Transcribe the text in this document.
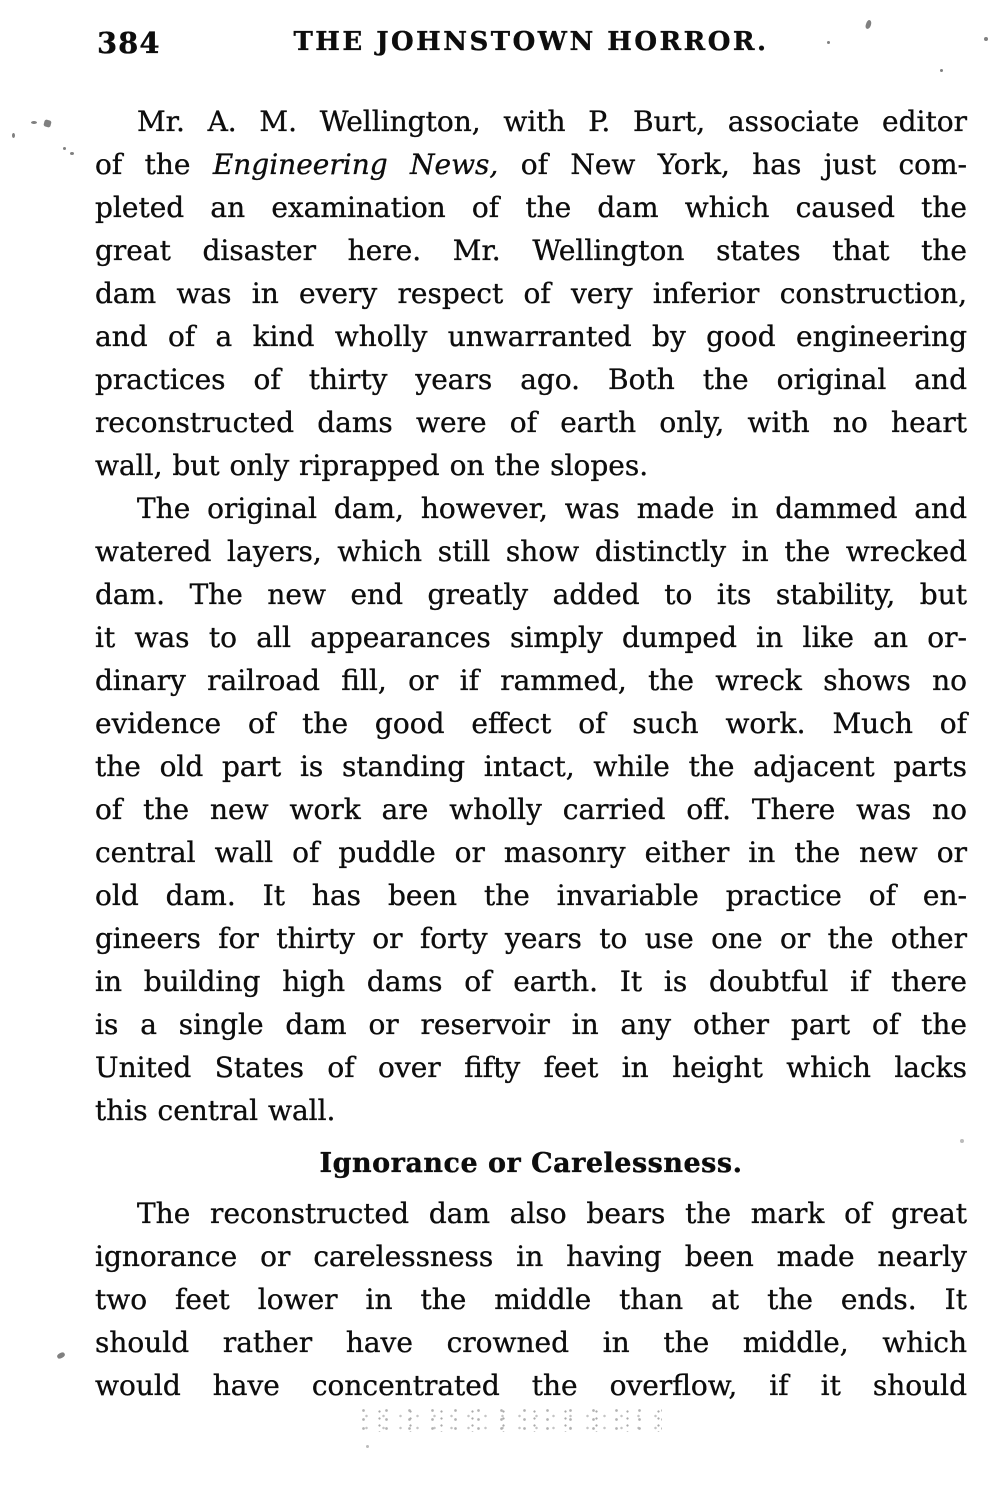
384	THE JOHNSTOWN HORROR.
Mr. A. M. Wellington, with P. Burt, associate editor
of the Engineering News, of New York, has just com-
pleted an examination of the dam which caused the
great disaster here. Mr. Wellington states that the
dam was in every respect of very inferior construction,
and of a kind wholly unwarranted by good engineering
practices of thirty years ago. Both the original and
reconstructed dams were of earth only, with no heart
wall, but only riprapped on the slopes.
The original dam, however, was made in dammed and
watered layers, which still show distinctly in the wrecked
dam. The new end greatly added to its stability, but
it was to all appearances simply dumped in like an or-
dinary railroad fill, or if rammed, the wreck shows no
evidence of the good effect of such work. Much of
the old part is standing intact, while the adjacent parts
of the new work are wholly carried off. There was no
central wall of puddle or masonry either in the new or
old dam. It has been the invariable practice of en-
gineers for thirty or forty years to use one or the other
in building high dams of earth. It is doubtful if there
is a single dam or reservoir in any other part of the
United States of over fifty feet in height which lacks
this central wall.
Ignorance or Carelessness.
The reconstructed dam also bears the mark of great
ignorance or carelessness in having been made nearly
two feet lower in the middle than at the ends. It
should rather have crowned in the middle, which
would have concentrated the overflow, if it should
